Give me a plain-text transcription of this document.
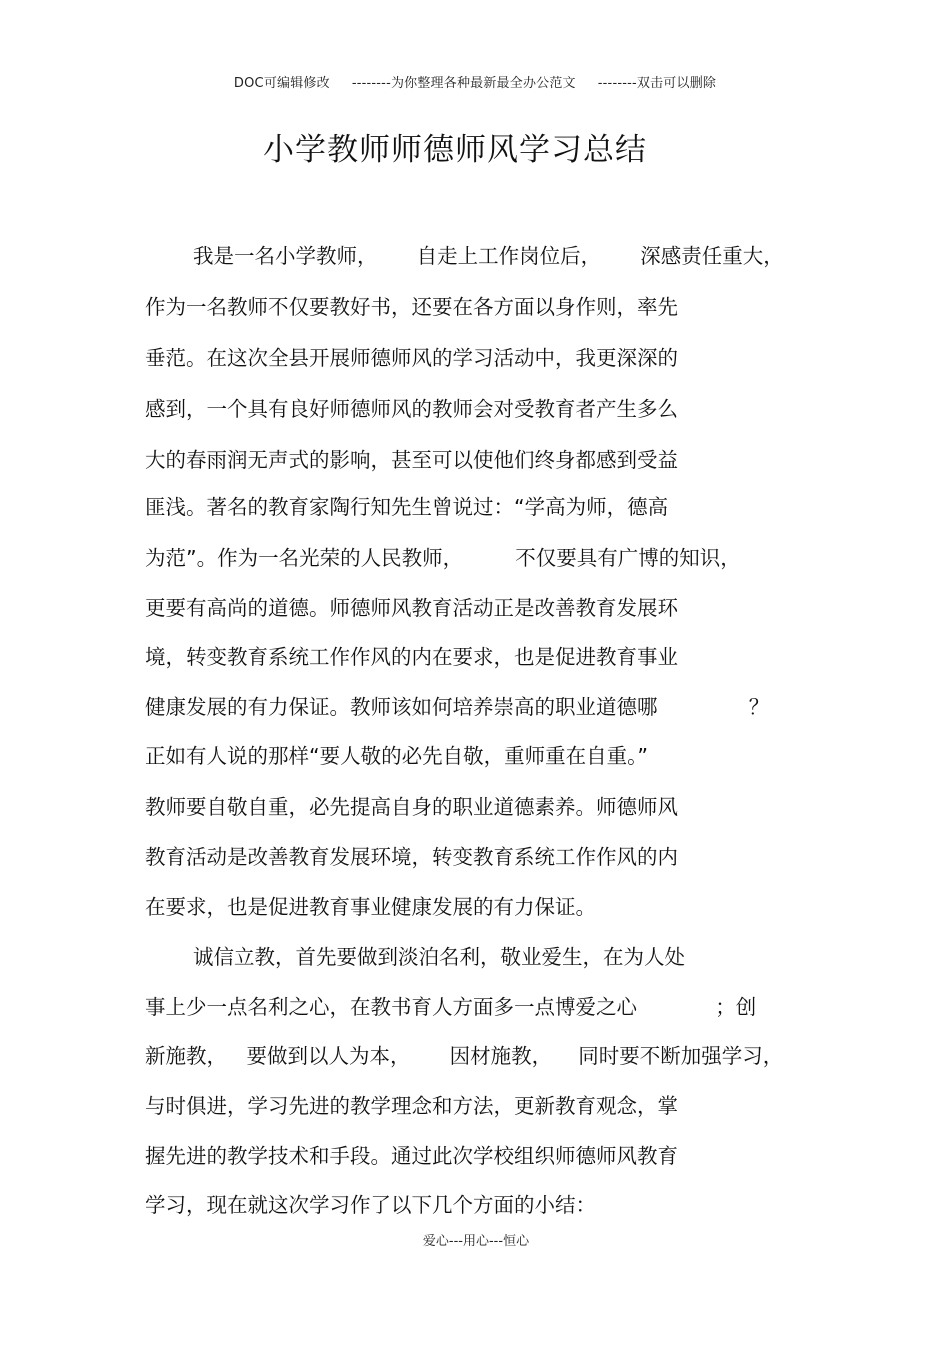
DOC可编辑修改 --------为你整理各种最新最全办公范文 --------双击可以删除
小学教师师德师风学习总结
我是一名小学教师，      自走上工作岗位后，      深感责任重大，
作为一名教师不仅要教好书，还要在各方面以身作则，率先
垂范。在这次全县开展师德师风的学习活动中，我更深深的
感到，一个具有良好师德师风的教师会对受教育者产生多么
大的春雨润无声式的影响，甚至可以使他们终身都感到受益
匪浅。著名的教育家陶行知先生曾说过：“学高为师，德高
为范”。作为一名光荣的人民教师，        不仅要具有广博的知识，
更要有高尚的道德。师德师风教育活动正是改善教育发展环
境，转变教育系统工作作风的内在要求，也是促进教育事业
健康发展的有力保证。教师该如何培养崇高的职业道德哪              ？
正如有人说的那样“要人敬的必先自敬，重师重在自重。”
教师要自敬自重，必先提高自身的职业道德素养。师德师风
教育活动是改善教育发展环境，转变教育系统工作作风的内
在要求，也是促进教育事业健康发展的有力保证。
诚信立教，首先要做到淡泊名利，敬业爱生，在为人处
事上少一点名利之心，在教书育人方面多一点博爱之心            ；创
新施教，   要做到以人为本，      因材施教，    同时要不断加强学习，
与时俱进，学习先进的教学理念和方法，更新教育观念，掌
握先进的教学技术和手段。通过此次学校组织师德师风教育
学习，现在就这次学习作了以下几个方面的小结：
爱心---用心---恒心
